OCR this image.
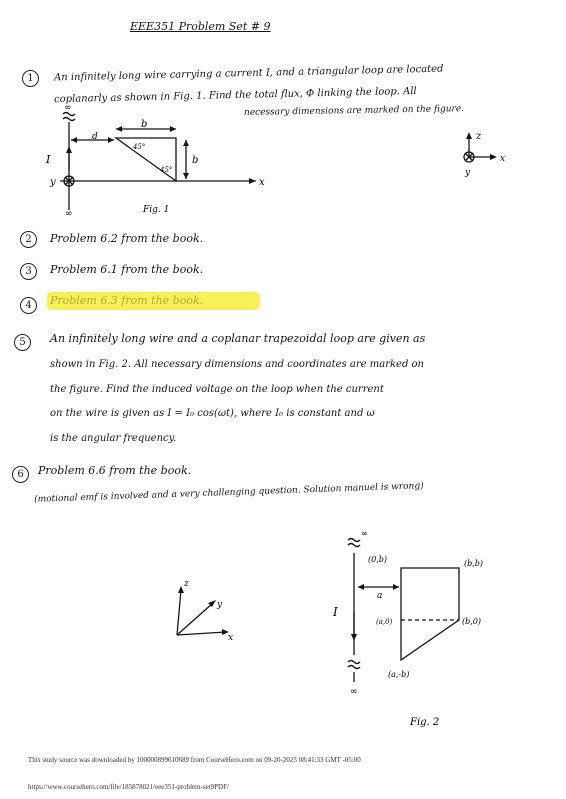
EEE351 Problem Set # 9
1	An infinitely long wire carrying a current I, and a triangular loop are located
coplanarly as shown in Fig. 1. Find the total flux, Φ linking the loop. All
necessary dimensions are marked on the figure.
∞
∞
I
y	x
d
b
b
45°
45°
Fig. 1
z
x
y
2	Problem 6.2 from the book.
3	Problem 6.1 from the book.
4	Problem 6.3 from the book.
5	An infinitely long wire and a coplanar trapezoidal loop are given as
shown in Fig. 2. All necessary dimensions and coordinates are marked on
the figure. Find the induced voltage on the loop when the current
on the wire is given as I = I₀ cos(ωt), where I₀ is constant and ω
is the angular frequency.
6	Problem 6.6 from the book.
(motional emf is involved and a very challenging question. Solution manuel is wrong)
z
y
x
∞
∞
I
a
(0,b)	(b,b)
(a,0)	(b,0)
(a,-b)
Fig. 2
This study source was downloaded by 100000899610689 from CourseHero.com on 09-20-2025 08:41:33 GMT -05:00
https://www.coursehero.com/file/185878021/eee351-problem-set9PDF/
